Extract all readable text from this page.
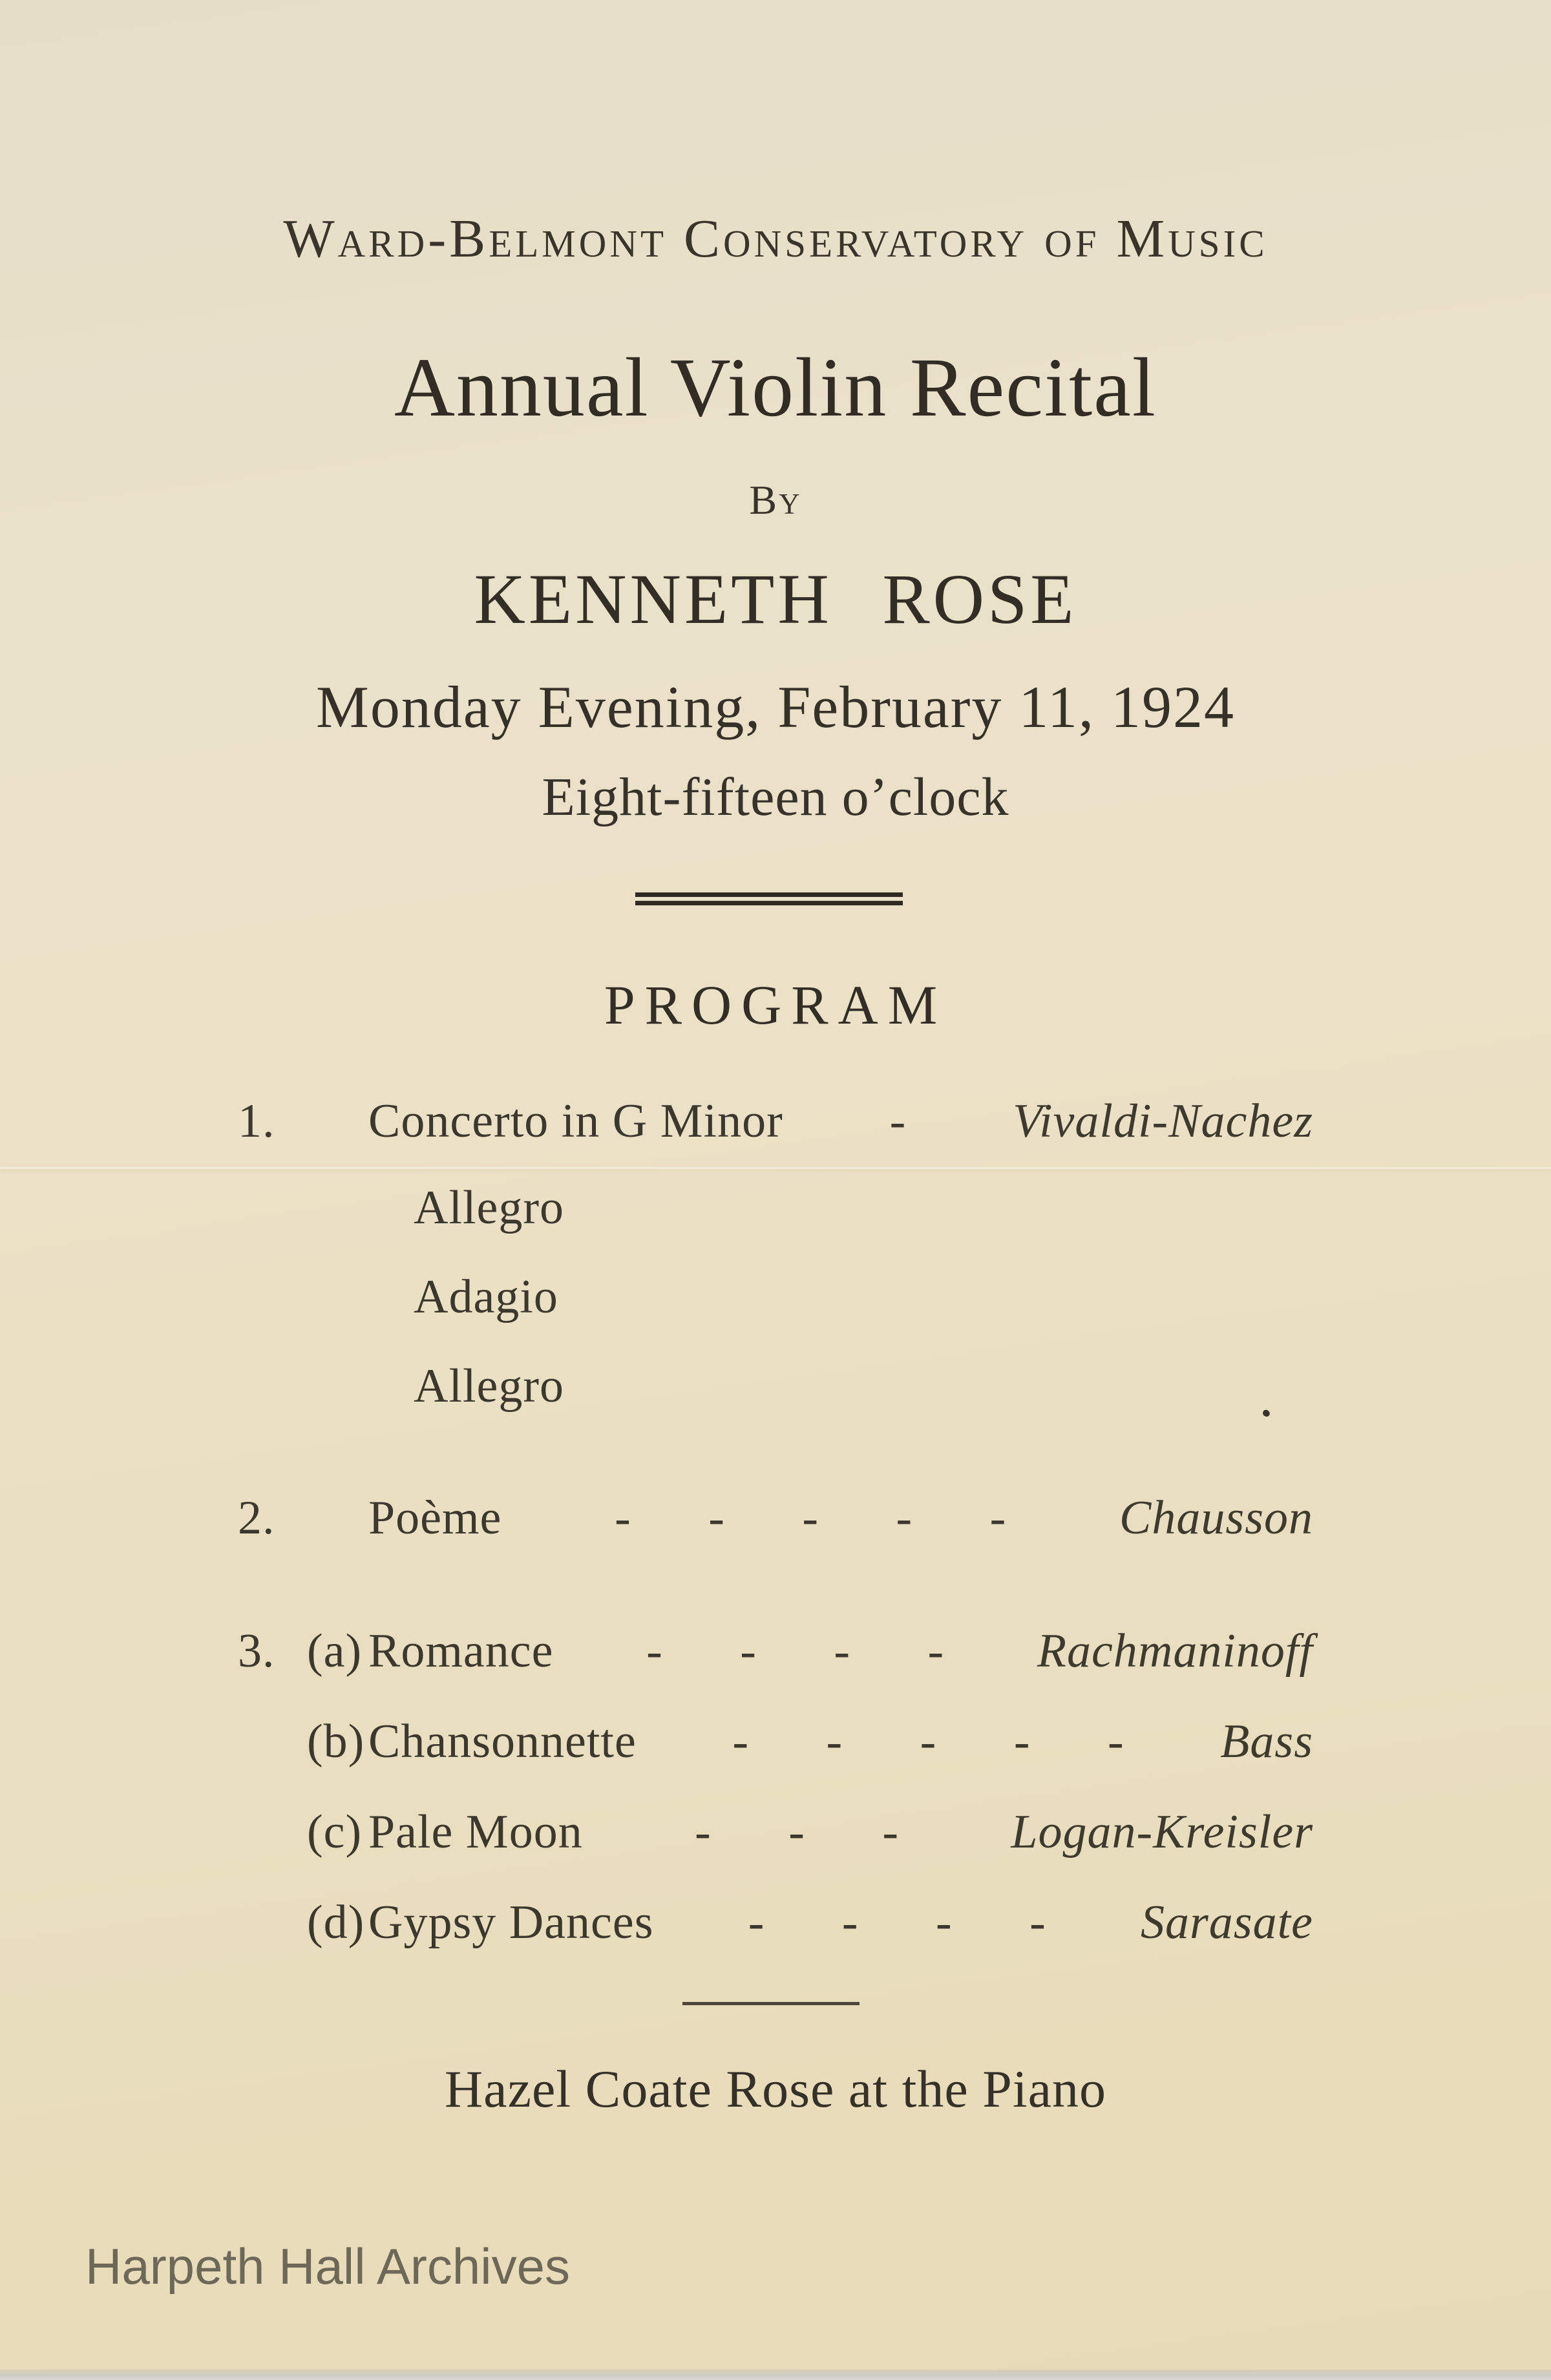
Ward-Belmont Conservatory of Music
Annual Violin Recital
By
KENNETH ROSE
Monday Evening, February 11, 1924
Eight-fifteen o’clock
PROGRAM
1.	Concerto in G Minor	-	Vivaldi-Nachez
Allegro
Adagio
Allegro
2.	Poème	- - - - -	Chausson
3. (a) Romance	- - - -	Rachmaninoff
(b) Chansonnette	- - - - -	Bass
(c) Pale Moon	- - -	Logan-Kreisler
(d) Gypsy Dances	- - - -	Sarasate
Hazel Coate Rose at the Piano
Harpeth Hall Archives
